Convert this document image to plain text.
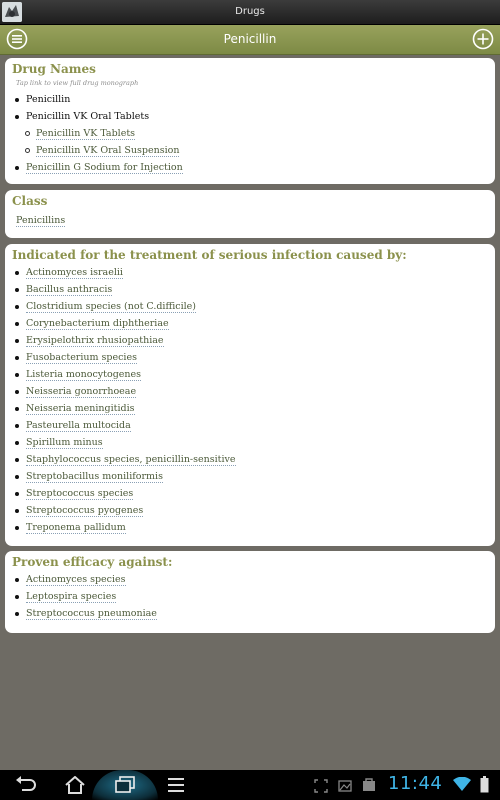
Drugs
Penicillin
Drug Names
Tap link to view full drug monograph
Penicillin
Penicillin VK Oral Tablets
Penicillin VK Tablets
Penicillin VK Oral Suspension
Penicillin G Sodium for Injection
Class
Penicillins
Indicated for the treatment of serious infection caused by:
Actinomyces israelii
Bacillus anthracis
Clostridium species (not C.difficile)
Corynebacterium diphtheriae
Erysipelothrix rhusiopathiae
Fusobacterium species
Listeria monocytogenes
Neisseria gonorrhoeae
Neisseria meningitidis
Pasteurella multocida
Spirillum minus
Staphylococcus species, penicillin-sensitive
Streptobacillus moniliformis
Streptococcus species
Streptococcus pyogenes
Treponema pallidum
Proven efficacy against:
Actinomyces species
Leptospira species
Streptococcus pneumoniae
11:44
